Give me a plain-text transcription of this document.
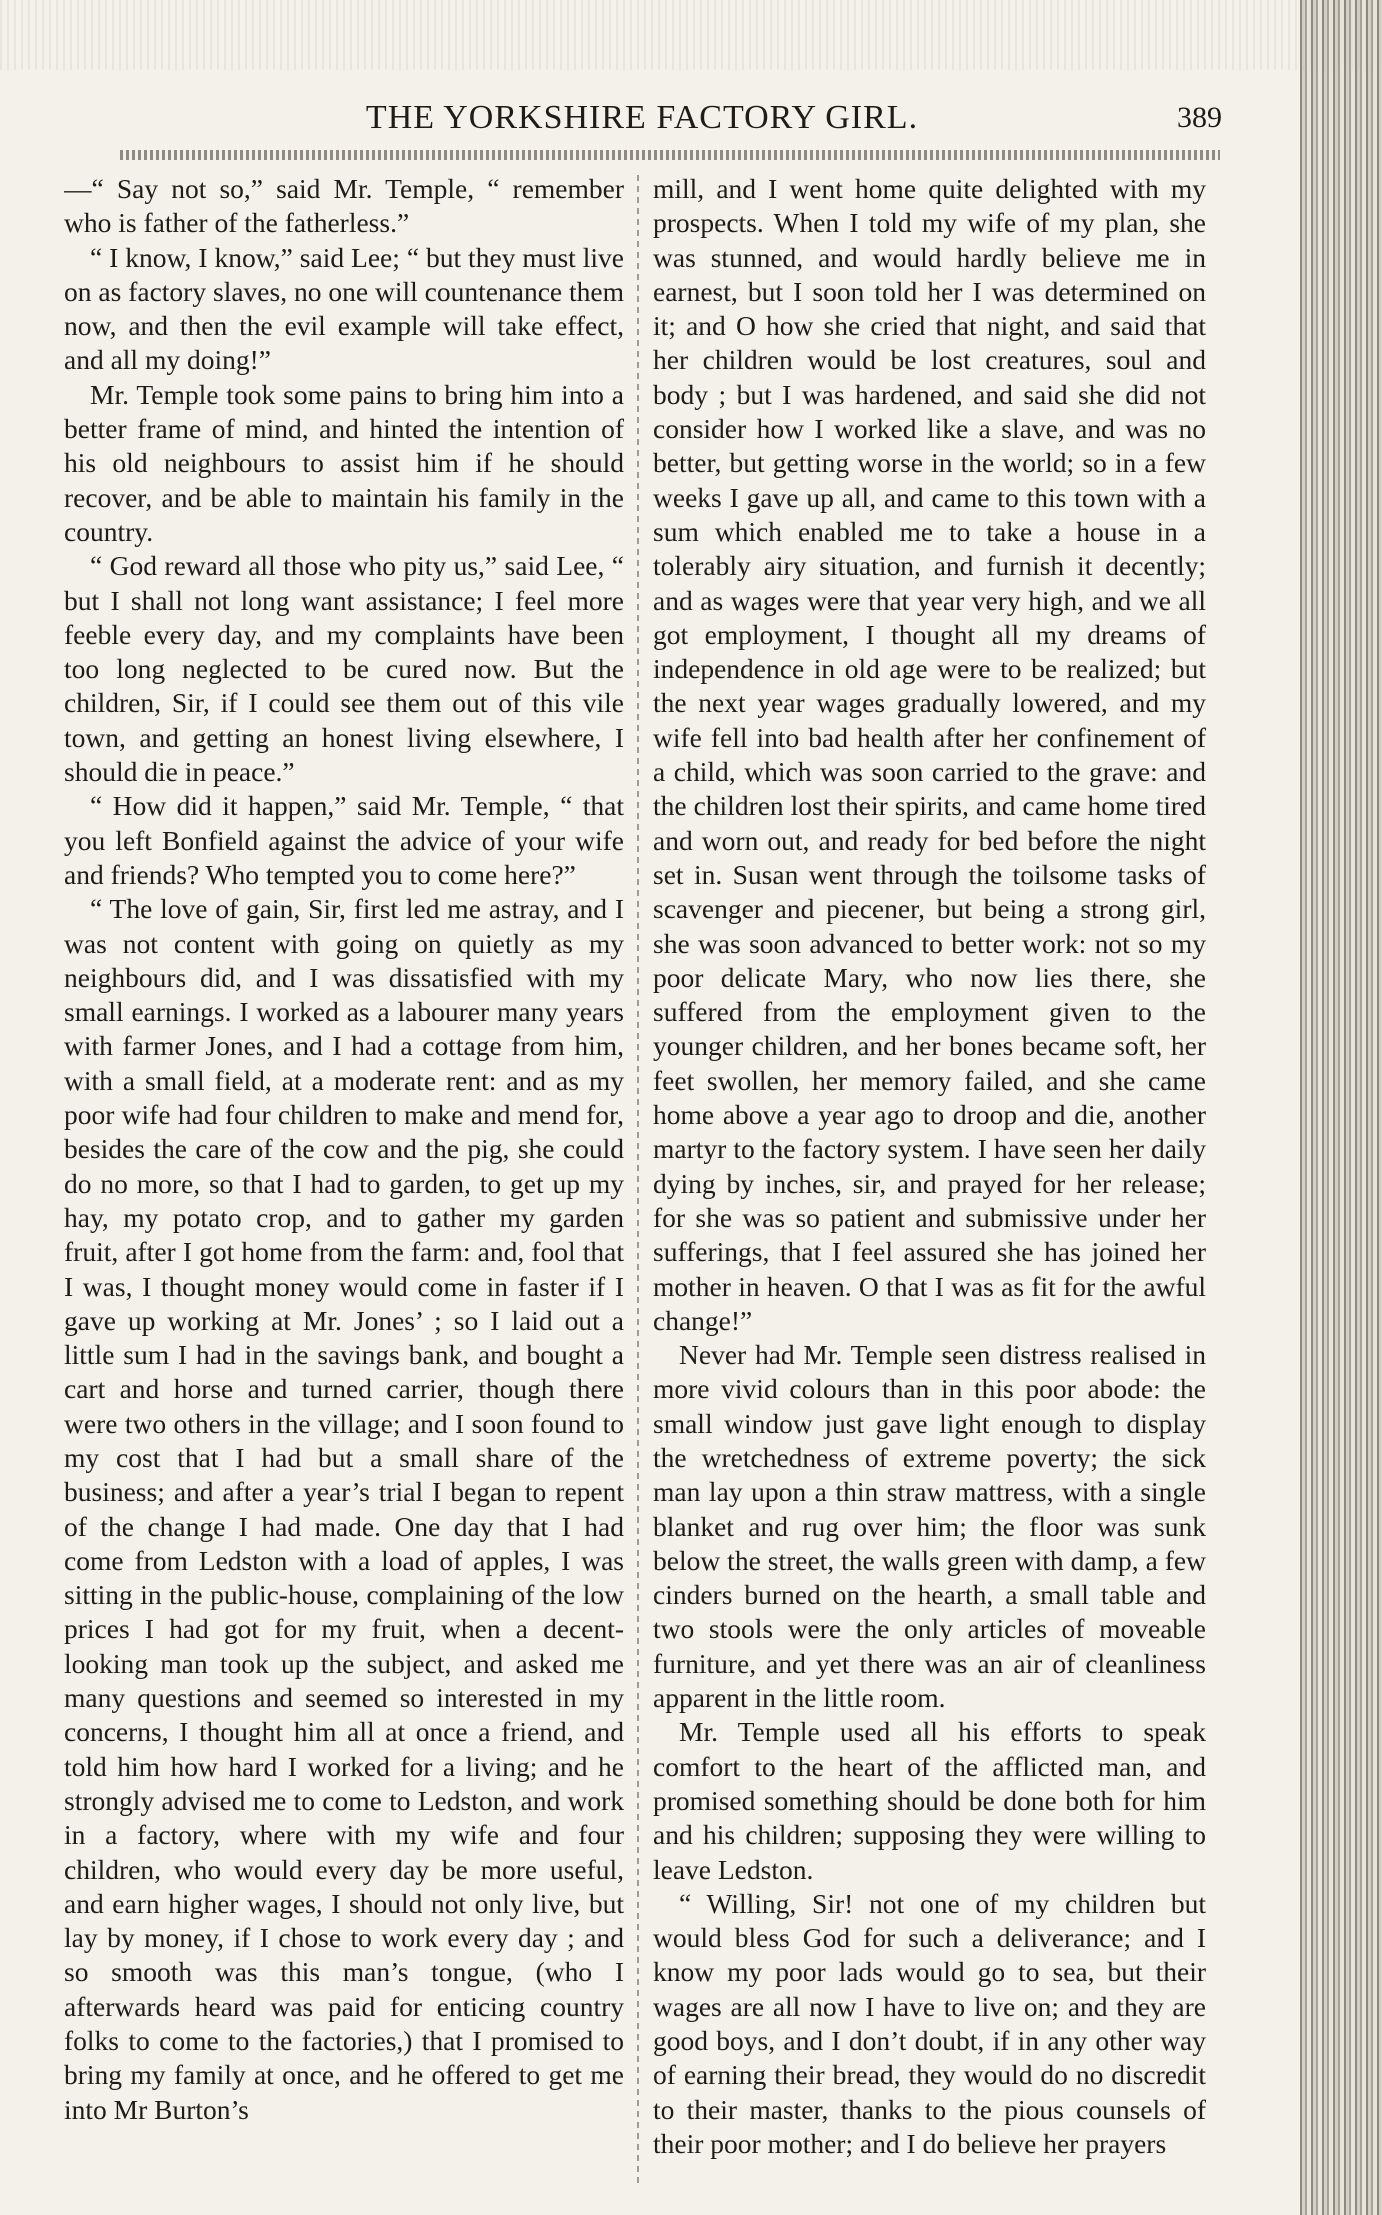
THE YORKSHIRE FACTORY GIRL.	389

—“ Say not so,” said Mr. Temple, “ remember who is father of the fatherless.”

“ I know, I know,” said Lee; “ but they must live on as factory slaves, no one will countenance them now, and then the evil example will take effect, and all my doing!”

Mr. Temple took some pains to bring him into a better frame of mind, and hinted the intention of his old neighbours to assist him if he should recover, and be able to maintain his family in the country.

“ God reward all those who pity us,” said Lee, “ but I shall not long want assistance; I feel more feeble every day, and my complaints have been too long neglected to be cured now. But the children, Sir, if I could see them out of this vile town, and getting an honest living elsewhere, I should die in peace.”

“ How did it happen,” said Mr. Temple, “ that you left Bonfield against the advice of your wife and friends? Who tempted you to come here?”

“ The love of gain, Sir, first led me astray, and I was not content with going on quietly as my neighbours did, and I was dissatisfied with my small earnings. I worked as a labourer many years with farmer Jones, and I had a cottage from him, with a small field, at a moderate rent: and as my poor wife had four children to make and mend for, besides the care of the cow and the pig, she could do no more, so that I had to garden, to get up my hay, my potato crop, and to gather my garden fruit, after I got home from the farm: and, fool that I was, I thought money would come in faster if I gave up working at Mr. Jones’ ; so I laid out a little sum I had in the savings bank, and bought a cart and horse and turned carrier, though there were two others in the village; and I soon found to my cost that I had but a small share of the business; and after a year’s trial I began to repent of the change I had made. One day that I had come from Ledston with a load of apples, I was sitting in the public-house, complaining of the low prices I had got for my fruit, when a decent-looking man took up the subject, and asked me many questions and seemed so interested in my concerns, I thought him all at once a friend, and told him how hard I worked for a living; and he strongly advised me to come to Ledston, and work in a factory, where with my wife and four children, who would every day be more useful, and earn higher wages, I should not only live, but lay by money, if I chose to work every day ; and so smooth was this man’s tongue, (who I afterwards heard was paid for enticing country folks to come to the factories,) that I promised to bring my family at once, and he offered to get me into Mr Burton’s

mill, and I went home quite delighted with my prospects. When I told my wife of my plan, she was stunned, and would hardly believe me in earnest, but I soon told her I was determined on it; and O how she cried that night, and said that her children would be lost creatures, soul and body ; but I was hardened, and said she did not consider how I worked like a slave, and was no better, but getting worse in the world; so in a few weeks I gave up all, and came to this town with a sum which enabled me to take a house in a tolerably airy situation, and furnish it decently; and as wages were that year very high, and we all got employment, I thought all my dreams of independence in old age were to be realized; but the next year wages gradually lowered, and my wife fell into bad health after her confinement of a child, which was soon carried to the grave: and the children lost their spirits, and came home tired and worn out, and ready for bed before the night set in. Susan went through the toilsome tasks of scavenger and piecener, but being a strong girl, she was soon advanced to better work: not so my poor delicate Mary, who now lies there, she suffered from the employment given to the younger children, and her bones became soft, her feet swollen, her memory failed, and she came home above a year ago to droop and die, another martyr to the factory system. I have seen her daily dying by inches, sir, and prayed for her release; for she was so patient and submissive under her sufferings, that I feel assured she has joined her mother in heaven. O that I was as fit for the awful change!”

Never had Mr. Temple seen distress realised in more vivid colours than in this poor abode: the small window just gave light enough to display the wretchedness of extreme poverty; the sick man lay upon a thin straw mattress, with a single blanket and rug over him; the floor was sunk below the street, the walls green with damp, a few cinders burned on the hearth, a small table and two stools were the only articles of moveable furniture, and yet there was an air of cleanliness apparent in the little room.

Mr. Temple used all his efforts to speak comfort to the heart of the afflicted man, and promised something should be done both for him and his children; supposing they were willing to leave Ledston.

“ Willing, Sir! not one of my children but would bless God for such a deliverance; and I know my poor lads would go to sea, but their wages are all now I have to live on; and they are good boys, and I don’t doubt, if in any other way of earning their bread, they would do no discredit to their master, thanks to the pious counsels of their poor mother; and I do believe her prayers
